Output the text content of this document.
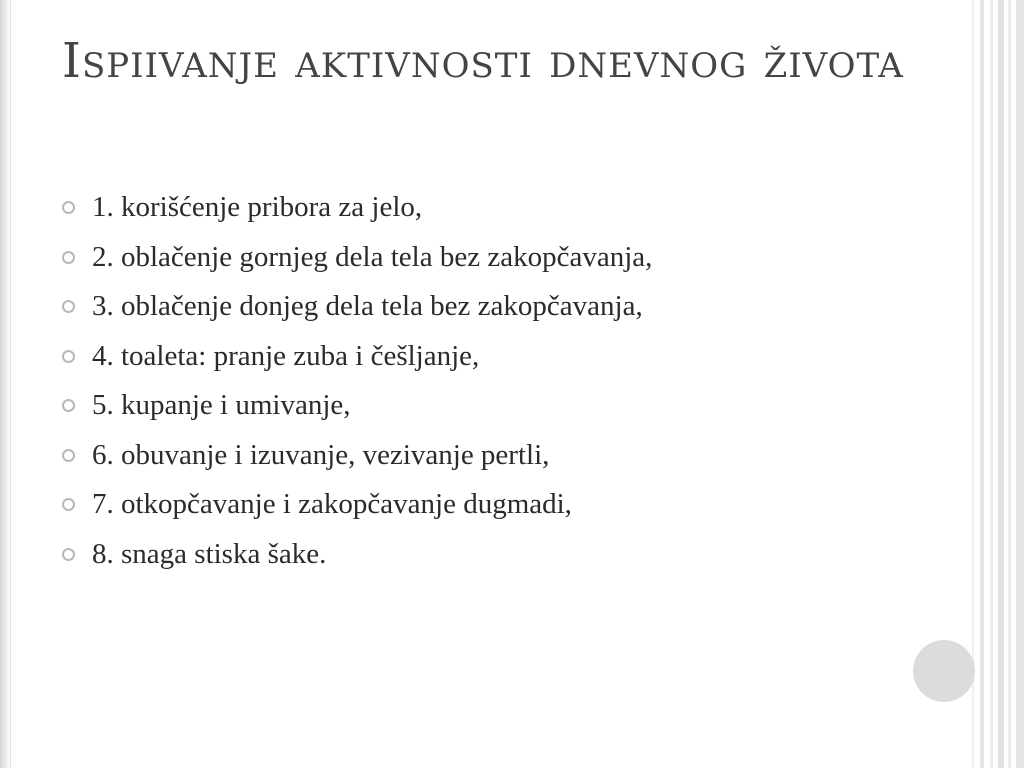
Ispiivanje aktivnosti dnevnog života
1. korišćenje pribora za jelo,
2. oblačenje gornjeg dela tela bez zakopčavanja,
3. oblačenje donjeg dela tela bez zakopčavanja,
4. toaleta: pranje zuba i češljanje,
5. kupanje i umivanje,
6. obuvanje i izuvanje, vezivanje pertli,
7. otkopčavanje i zakopčavanje dugmadi,
8. snaga stiska šake.
